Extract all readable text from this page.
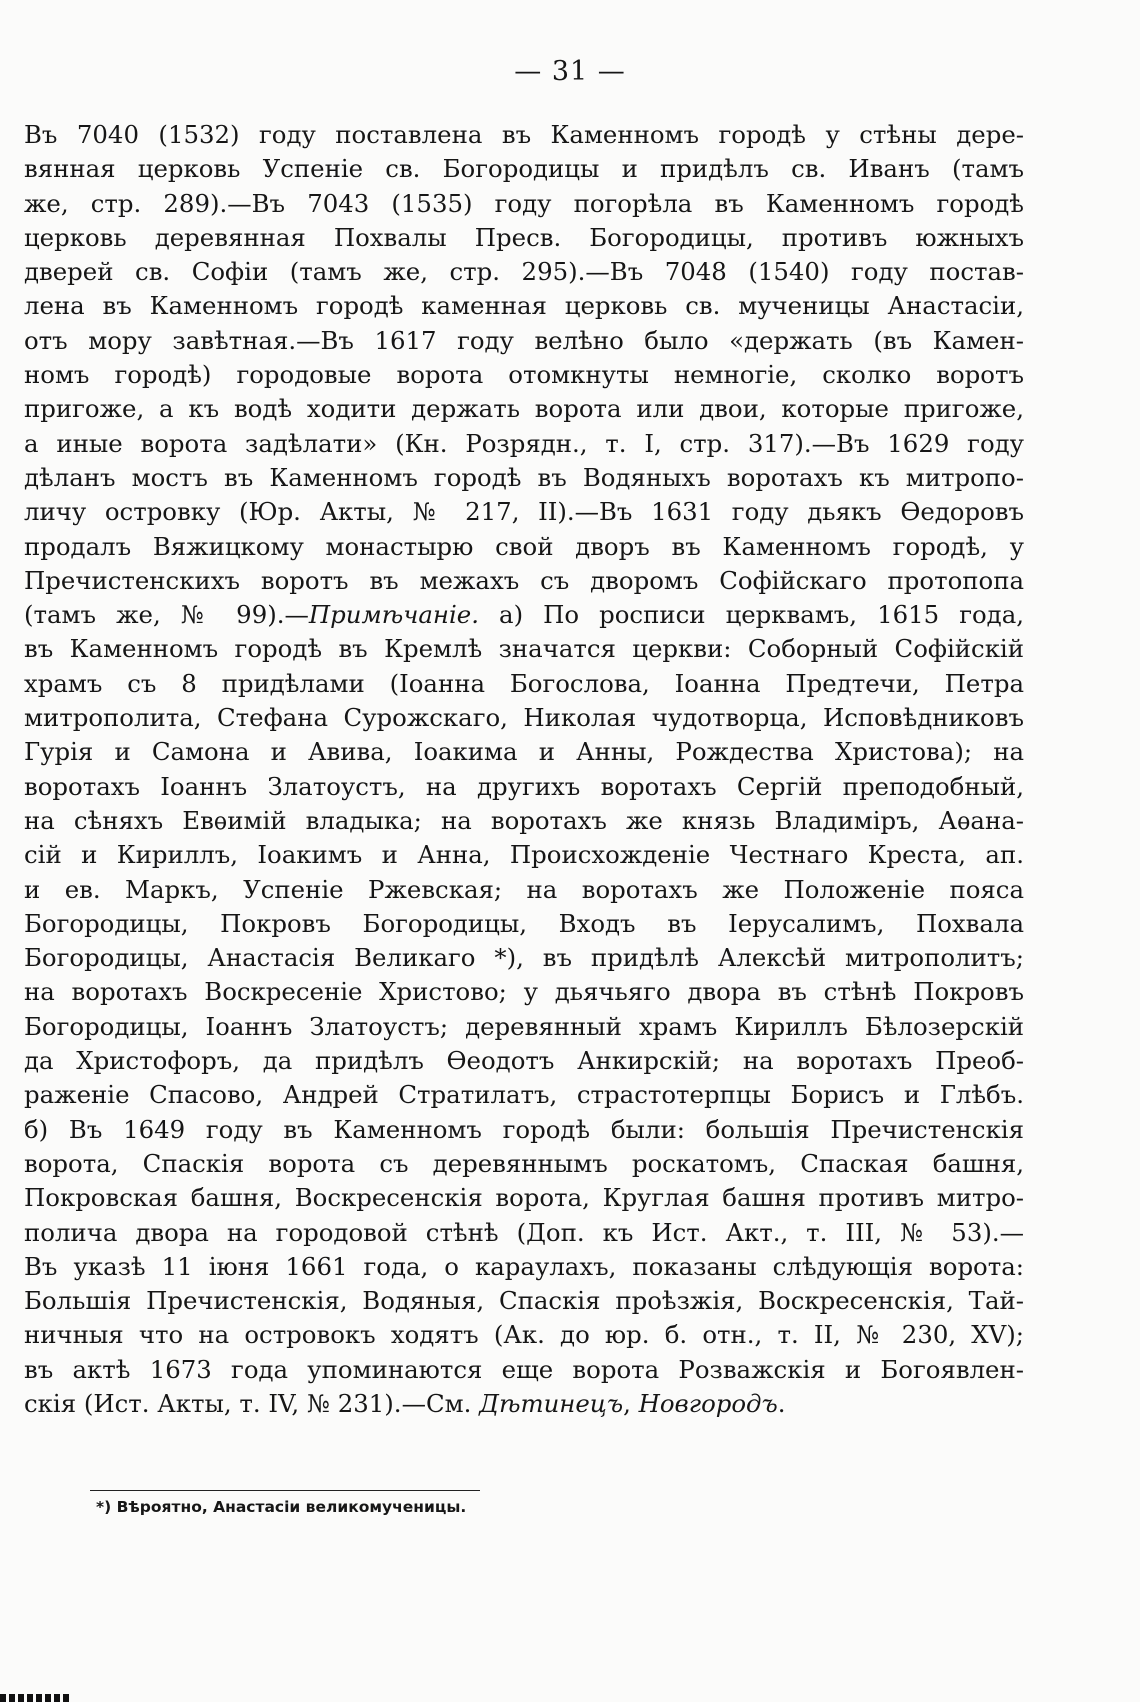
— 31 —
Въ 7040 (1532) году поставлена въ Каменномъ городѣ у стѣны дере-
вянная церковь Успеніе св. Богородицы и придѣлъ св. Иванъ (тамъ
же, стр. 289).—Въ 7043 (1535) году погорѣла въ Каменномъ городѣ
церковь деревянная Похвалы Пресв. Богородицы, противъ южныхъ
дверей св. Софіи (тамъ же, стр. 295).—Въ 7048 (1540) году постав-
лена въ Каменномъ городѣ каменная церковь св. мученицы Анастасіи,
отъ мору завѣтная.—Въ 1617 году велѣно было «держать (въ Камен-
номъ городѣ) городовые ворота отомкнуты немногіе, сколко воротъ
пригоже, а къ водѣ ходити держать ворота или двои, которые пригоже,
а иные ворота задѣлати» (Кн. Розрядн., т. I, стр. 317).—Въ 1629 году
дѣланъ мостъ въ Каменномъ городѣ въ Водяныхъ воротахъ къ митропо-
личу островку (Юр. Акты, № 217, II).—Въ 1631 году дьякъ Ѳедоровъ
продалъ Вяжицкому монастырю свой дворъ въ Каменномъ городѣ, у
Пречистенскихъ воротъ въ межахъ съ дворомъ Софійскаго протопопа
(тамъ же, № 99).—Примѣчаніе. а) По росписи церквамъ, 1615 года,
въ Каменномъ городѣ въ Кремлѣ значатся церкви: Соборный Софійскій
храмъ съ 8 придѣлами (Іоанна Богослова, Іоанна Предтечи, Петра
митрополита, Стефана Сурожскаго, Николая чудотворца, Исповѣдниковъ
Гурія и Самона и Авива, Іоакима и Анны, Рождества Христова); на
воротахъ Іоаннъ Златоустъ, на другихъ воротахъ Сергій преподобный,
на сѣняхъ Евѳимій владыка; на воротахъ же князь Владиміръ, Аѳана-
сій и Кириллъ, Іоакимъ и Анна, Происхожденіе Честнаго Креста, ап.
и ев. Маркъ, Успеніе Ржевская; на воротахъ же Положеніе пояса
Богородицы, Покровъ Богородицы, Входъ въ Іерусалимъ, Похвала
Богородицы, Анастасія Великаго *), въ придѣлѣ Алексѣй митрополитъ;
на воротахъ Воскресеніе Христово; у дьячьяго двора въ стѣнѣ Покровъ
Богородицы, Іоаннъ Златоустъ; деревянный храмъ Кириллъ Бѣлозерскій
да Христофоръ, да придѣлъ Ѳеодотъ Анкирскій; на воротахъ Преоб-
раженіе Спасово, Андрей Стратилатъ, страстотерпцы Борисъ и Глѣбъ.
б) Въ 1649 году въ Каменномъ городѣ были: большія Пречистенскія
ворота, Спаскія ворота съ деревяннымъ роскатомъ, Спаская башня,
Покровская башня, Воскресенскія ворота, Круглая башня противъ митро-
полича двора на городовой стѣнѣ (Доп. къ Ист. Акт., т. III, № 53).—
Въ указѣ 11 іюня 1661 года, о караулахъ, показаны слѣдующія ворота:
Большія Пречистенскія, Водяныя, Спаскія проѣзжія, Воскресенскія, Тай-
ничныя что на островокъ ходятъ (Ак. до юр. б. отн., т. II, № 230, XV);
въ актѣ 1673 года упоминаются еще ворота Розважскія и Богоявлен-
скія (Ист. Акты, т. IV, № 231).—См. Дѣтинецъ, Новгородъ.
*) Вѣроятно, Анастасіи великомученицы.
